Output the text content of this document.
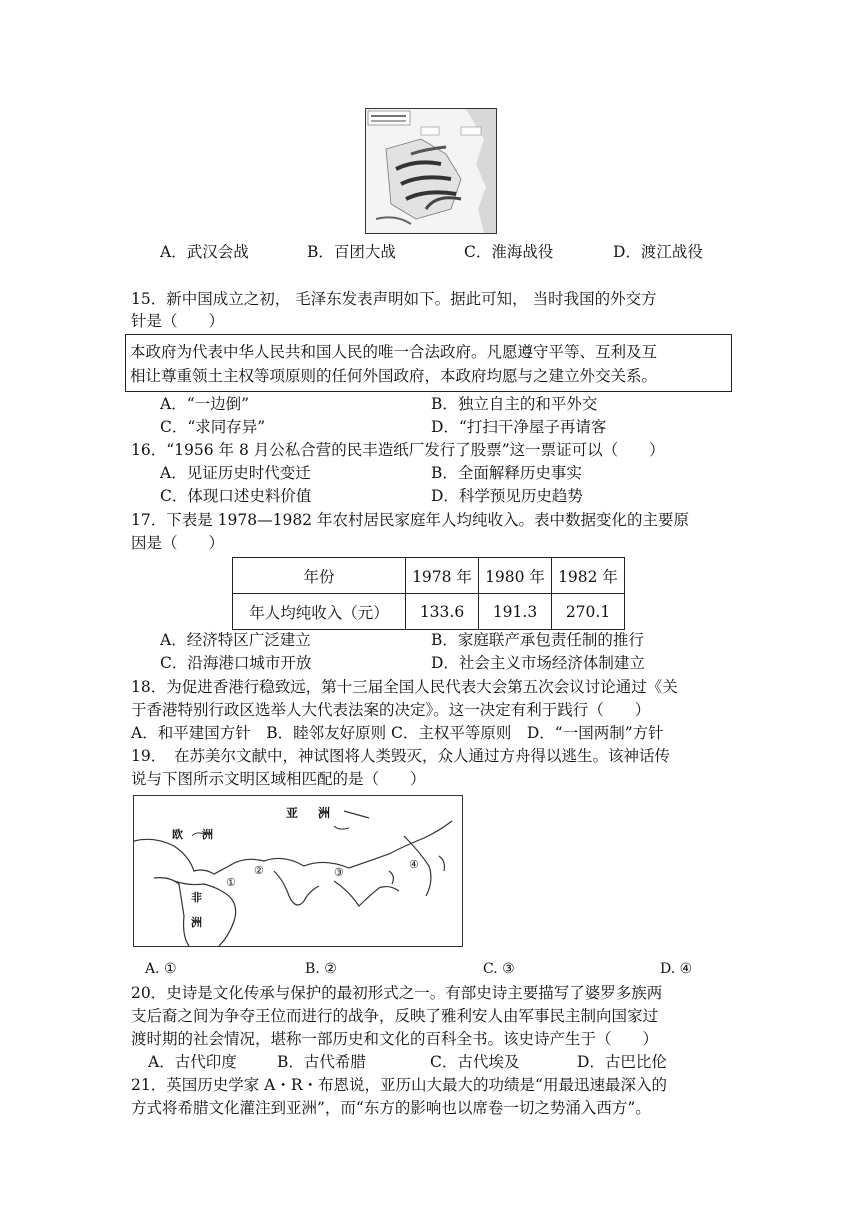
A．武汉会战	B．百团大战	C．淮海战役	D．渡江战役
15．新中国成立之初， 毛泽东发表声明如下。据此可知， 当时我国的外交方
针是（　　）
本政府为代表中华人民共和国人民的唯一合法政府。凡愿遵守平等、互利及互
相让尊重领土主权等项原则的任何外国政府，本政府均愿与之建立外交关系。
A．“一边倒”	B．独立自主的和平外交
C．“求同存异”	D．“打扫干净屋子再请客
16．“1956 年 8 月公私合营的民丰造纸厂发行了股票”这一票证可以（　　）
A．见证历史时代变迁	B．全面解释历史事实
C．体现口述史料价值	D．科学预见历史趋势
17．下表是 1978—1982 年农村居民家庭年人均纯收入。表中数据变化的主要原
因是（　　）
年份	1978 年	1980 年	1982 年
年人均纯收入（元）	133.6	191.3	270.1
A．经济特区广泛建立	B．家庭联产承包责任制的推行
C．沿海港口城市开放	D．社会主义市场经济体制建立
18．为促进香港行稳致远，第十三届全国人民代表大会第五次会议讨论通过《关
于香港特别行政区选举人大代表法案的决定》。这一决定有利于践行（　　）
A．和平建国方针　B．睦邻友好原则 C．主权平等原则　D．“一国两制”方针
19．　在苏美尔文献中，神试图将人类毁灭，众人通过方舟得以逃生。该神话传
说与下图所示文明区域相匹配的是（　　）
亚 洲
欧 洲
非
洲
①
②	③
④
A. ①	B. ②	C. ③	D. ④
20．史诗是文化传承与保护的最初形式之一。有部史诗主要描写了婆罗多族两
支后裔之间为争夺王位而进行的战争，反映了雅利安人由军事民主制向国家过
渡时期的社会情况，堪称一部历史和文化的百科全书。该史诗产生于（　　）
A．古代印度	B．古代希腊	C．古代埃及	D．古巴比伦
21．英国历史学家 A・R・布恩说，亚历山大最大的功绩是“用最迅速最深入的
方式将希腊文化灌注到亚洲”，而“东方的影响也以席卷一切之势涌入西方”。
